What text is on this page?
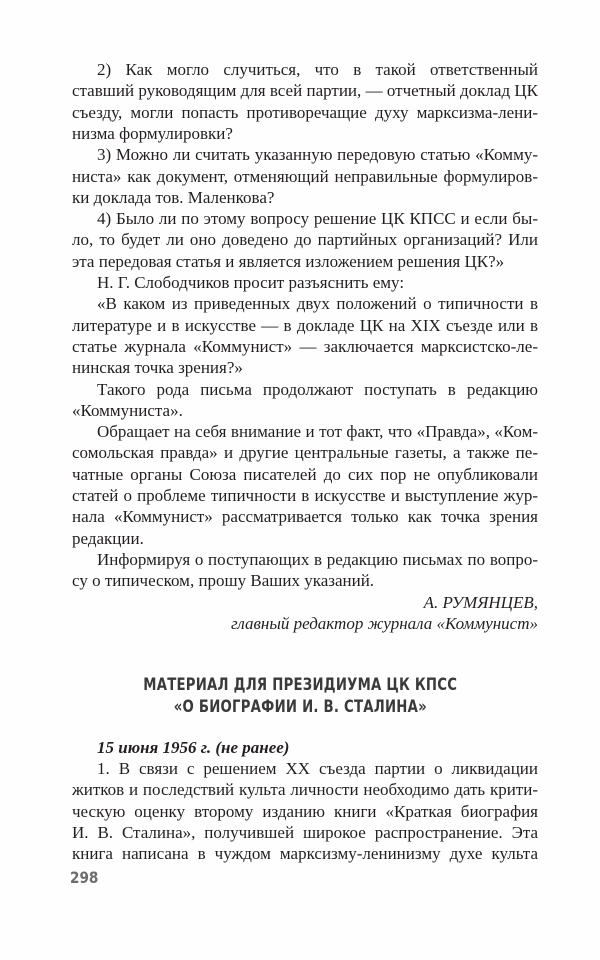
МАТЕРИАЛ ДЛЯ ПРЕЗИДИУМА ЦК КПСС
«О БИОГРАФИИ И. В. СТАЛИНА»
15 июня 1956 г. (не ранее)
298
2) Как могло случиться, что в такой ответственный
ставший руководящим для всей партии, — отчетный доклад ЦК
съезду, могли попасть противоречащие духу марксизма-лени-
низма формулировки?
3) Можно ли считать указанную передовую статью «Комму-
ниста» как документ, отменяющий неправильные формулиров-
ки доклада тов. Маленкова?
4) Было ли по этому вопросу решение ЦК КПСС и если бы-
ло, то будет ли оно доведено до партийных организаций? Или
эта передовая статья и является изложением решения ЦК?»
Н. Г. Слободчиков просит разъяснить ему:
«В каком из приведенных двух положений о типичности в
литературе и в искусстве — в докладе ЦК на XIX съезде или в
статье журнала «Коммунист» — заключается марксистско-ле-
нинская точка зрения?»
Такого рода письма продолжают поступать в редакцию
«Коммуниста».
Обращает на себя внимание и тот факт, что «Правда», «Ком-
сомольская правда» и другие центральные газеты, а также пе-
чатные органы Союза писателей до сих пор не опубликовали
статей о проблеме типичности в искусстве и выступление жур-
нала «Коммунист» рассматривается только как точка зрения
редакции.
Информируя о поступающих в редакцию письмах по вопро-
су о типическом, прошу Ваших указаний.
А. РУМЯНЦЕВ,
главный редактор журнала «Коммунист»
1. В связи с решением XX съезда партии о ликвидации
житков и последствий культа личности необходимо дать крити-
ческую оценку второму изданию книги «Краткая биография
И. В. Сталина», получившей широкое распространение. Эта
книга написана в чуждом марксизму-ленинизму духе культа
